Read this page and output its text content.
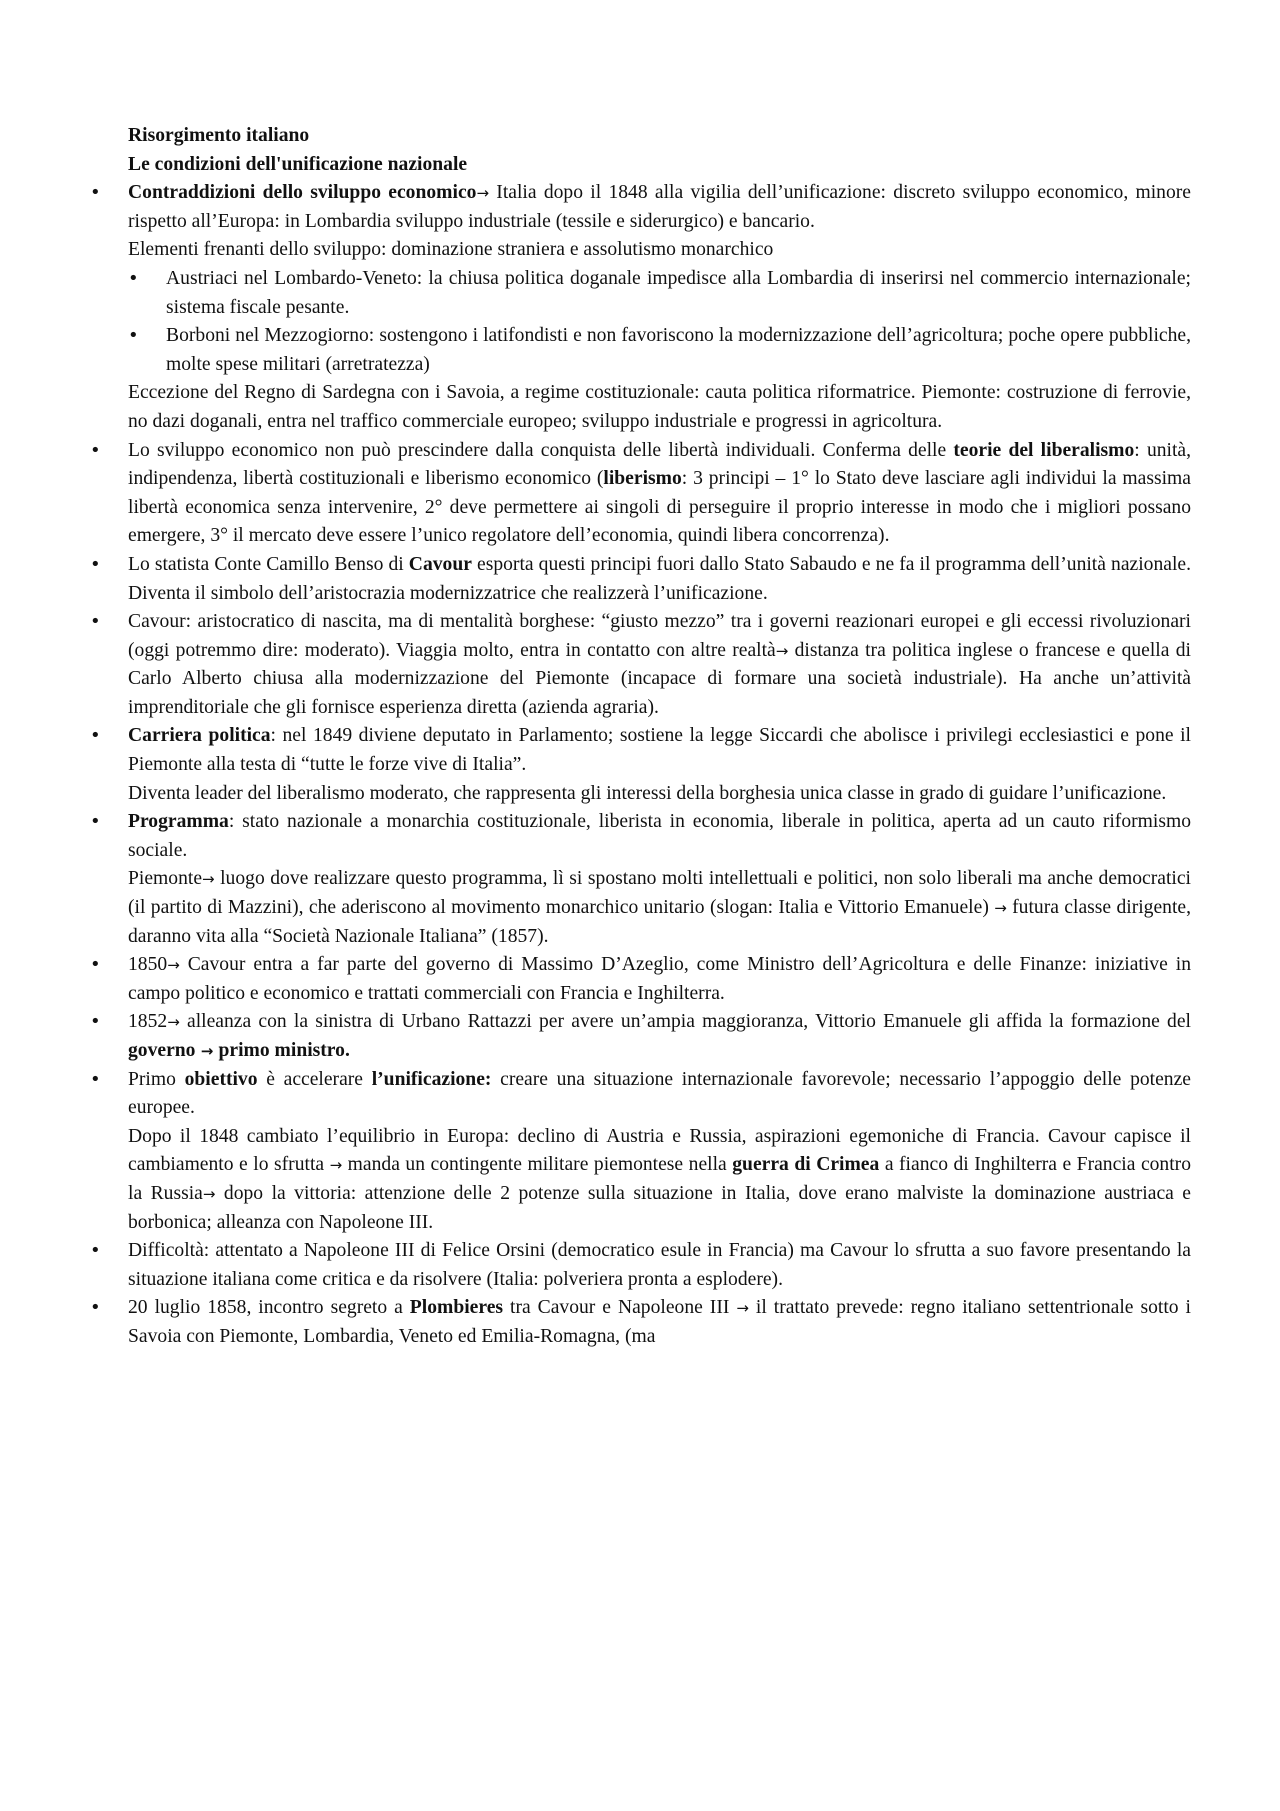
Risorgimento italiano

Le condizioni dell'unificazione nazionale

• Contraddizioni dello sviluppo economico→ Italia dopo il 1848 alla vigilia dell’unificazione: discreto sviluppo economico, minore rispetto all’Europa: in Lombardia sviluppo industriale (tessile e siderurgico) e bancario.

Elementi frenanti dello sviluppo: dominazione straniera e assolutismo monarchico

• Austriaci nel Lombardo-Veneto: la chiusa politica doganale impedisce alla Lombardia di inserirsi nel commercio internazionale; sistema fiscale pesante.

• Borboni nel Mezzogiorno: sostengono i latifondisti e non favoriscono la modernizzazione dell’agricoltura; poche opere pubbliche, molte spese militari (arretratezza)

Eccezione del Regno di Sardegna con i Savoia, a regime costituzionale: cauta politica riformatrice. Piemonte: costruzione di ferrovie, no dazi doganali, entra nel traffico commerciale europeo; sviluppo industriale e progressi in agricoltura.

• Lo sviluppo economico non può prescindere dalla conquista delle libertà individuali. Conferma delle teorie del liberalismo: unità, indipendenza, libertà costituzionali e liberismo economico (liberismo: 3 principi – 1° lo Stato deve lasciare agli individui la massima libertà economica senza intervenire, 2° deve permettere ai singoli di perseguire il proprio interesse in modo che i migliori possano emergere, 3° il mercato deve essere l’unico regolatore dell’economia, quindi libera concorrenza).

• Lo statista Conte Camillo Benso di Cavour esporta questi principi fuori dallo Stato Sabaudo e ne fa il programma dell’unità nazionale. Diventa il simbolo dell’aristocrazia modernizzatrice che realizzerà l’unificazione.

• Cavour: aristocratico di nascita, ma di mentalità borghese: “giusto mezzo” tra i governi reazionari europei e gli eccessi rivoluzionari (oggi potremmo dire: moderato). Viaggia molto, entra in contatto con altre realtà→ distanza tra politica inglese o francese e quella di Carlo Alberto chiusa alla modernizzazione del Piemonte (incapace di formare una società industriale). Ha anche un’attività imprenditoriale che gli fornisce esperienza diretta (azienda agraria).

• Carriera politica: nel 1849 diviene deputato in Parlamento; sostiene la legge Siccardi che abolisce i privilegi ecclesiastici e pone il Piemonte alla testa di “tutte le forze vive di Italia”.

Diventa leader del liberalismo moderato, che rappresenta gli interessi della borghesia unica classe in grado di guidare l’unificazione.

• Programma: stato nazionale a monarchia costituzionale, liberista in economia, liberale in politica, aperta ad un cauto riformismo sociale.

Piemonte→ luogo dove realizzare questo programma, lì si spostano molti intellettuali e politici, non solo liberali ma anche democratici (il partito di Mazzini), che aderiscono al movimento monarchico unitario (slogan: Italia e Vittorio Emanuele) → futura classe dirigente, daranno vita alla “Società Nazionale Italiana” (1857).

• 1850→ Cavour entra a far parte del governo di Massimo D’Azeglio, come Ministro dell’Agricoltura e delle Finanze: iniziative in campo politico e economico e trattati commerciali con Francia e Inghilterra.

• 1852→ alleanza con la sinistra di Urbano Rattazzi per avere un’ampia maggioranza, Vittorio Emanuele gli affida la formazione del governo → primo ministro.

• Primo obiettivo è accelerare l’unificazione: creare una situazione internazionale favorevole; necessario l’appoggio delle potenze europee.

Dopo il 1848 cambiato l’equilibrio in Europa: declino di Austria e Russia, aspirazioni egemoniche di Francia. Cavour capisce il cambiamento e lo sfrutta → manda un contingente militare piemontese nella guerra di Crimea a fianco di Inghilterra e Francia contro la Russia→ dopo la vittoria: attenzione delle 2 potenze sulla situazione in Italia, dove erano malviste la dominazione austriaca e borbonica; alleanza con Napoleone III.

• Difficoltà: attentato a Napoleone III di Felice Orsini (democratico esule in Francia) ma Cavour lo sfrutta a suo favore presentando la situazione italiana come critica e da risolvere (Italia: polveriera pronta a esplodere).

• 20 luglio 1858, incontro segreto a Plombieres tra Cavour e Napoleone III → il trattato prevede: regno italiano settentrionale sotto i Savoia con Piemonte, Lombardia, Veneto ed Emilia-Romagna, (ma
